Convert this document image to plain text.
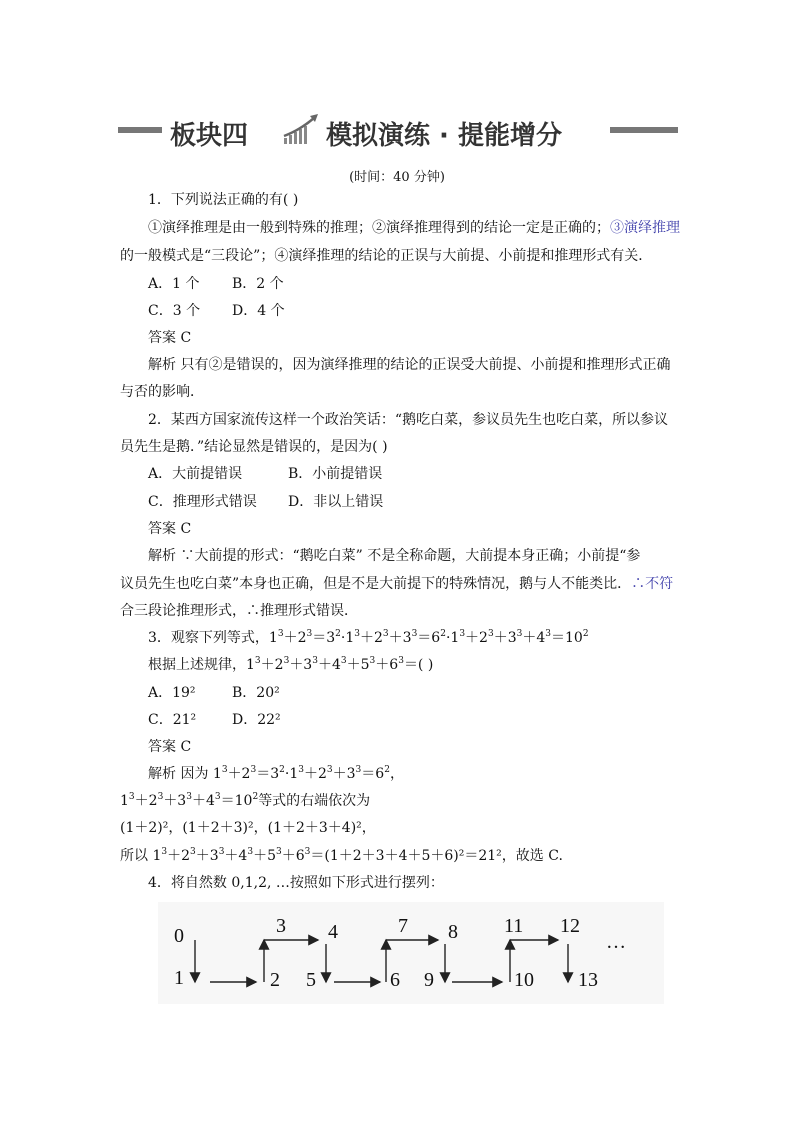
板块四	模拟演练 · 提能增分
(时间：40 分钟)
1．下列说法正确的有( )
①演绎推理是由一般到特殊的推理；②演绎推理得到的结论一定是正确的；③演绎推理
的一般模式是“三段论”；④演绎推理的结论的正误与大前提、小前提和推理形式有关．
A．1 个 B．2 个
C．3 个 D．4 个
答案 C
解析 只有②是错误的，因为演绎推理的结论的正误受大前提、小前提和推理形式正确
与否的影响．
2．某西方国家流传这样一个政治笑话：“鹅吃白菜，参议员先生也吃白菜，所以参议
员先生是鹅．”结论显然是错误的，是因为( )
A．大前提错误	B．小前提错误
C．推理形式错误 D．非以上错误
答案 C
解析 ∵大前提的形式：“鹅吃白菜” 不是全称命题，大前提本身正确；小前提“参
议员先生也吃白菜”本身也正确，但是不是大前提下的特殊情况，鹅与人不能类比．∴不符
合三段论推理形式，∴推理形式错误．
3．观察下列等式，$1^3+2^3=3^2\cdot 1^3+2^3+3^3=6^2\cdot 1^3+2^3+3^3+4^3=10^2$
根据上述规律，$1^3+2^3+3^3+4^3+5^3+6^3=$( )
A．19²	B．20²
C．21²	D．22²
答案 C
解析 因为 $1^3+2^3=3^2\cdot 1^3+2^3+3^3=6^2$，
$1^3+2^3+3^3+4^3=10^2$等式的右端依次为
(1＋2)²，(1＋2＋3)²，(1＋2＋3＋4)²，
所以 $1^3+2^3+3^3+4^3+5^3+6^3=(1+2+3+4+5+6)^2=21^2$，故选 C.
4．将自然数 0,1,2, …按照如下形式进行摆列：
0
1	2
3 4
5	6
7 8
9	10
11 12
13
…
